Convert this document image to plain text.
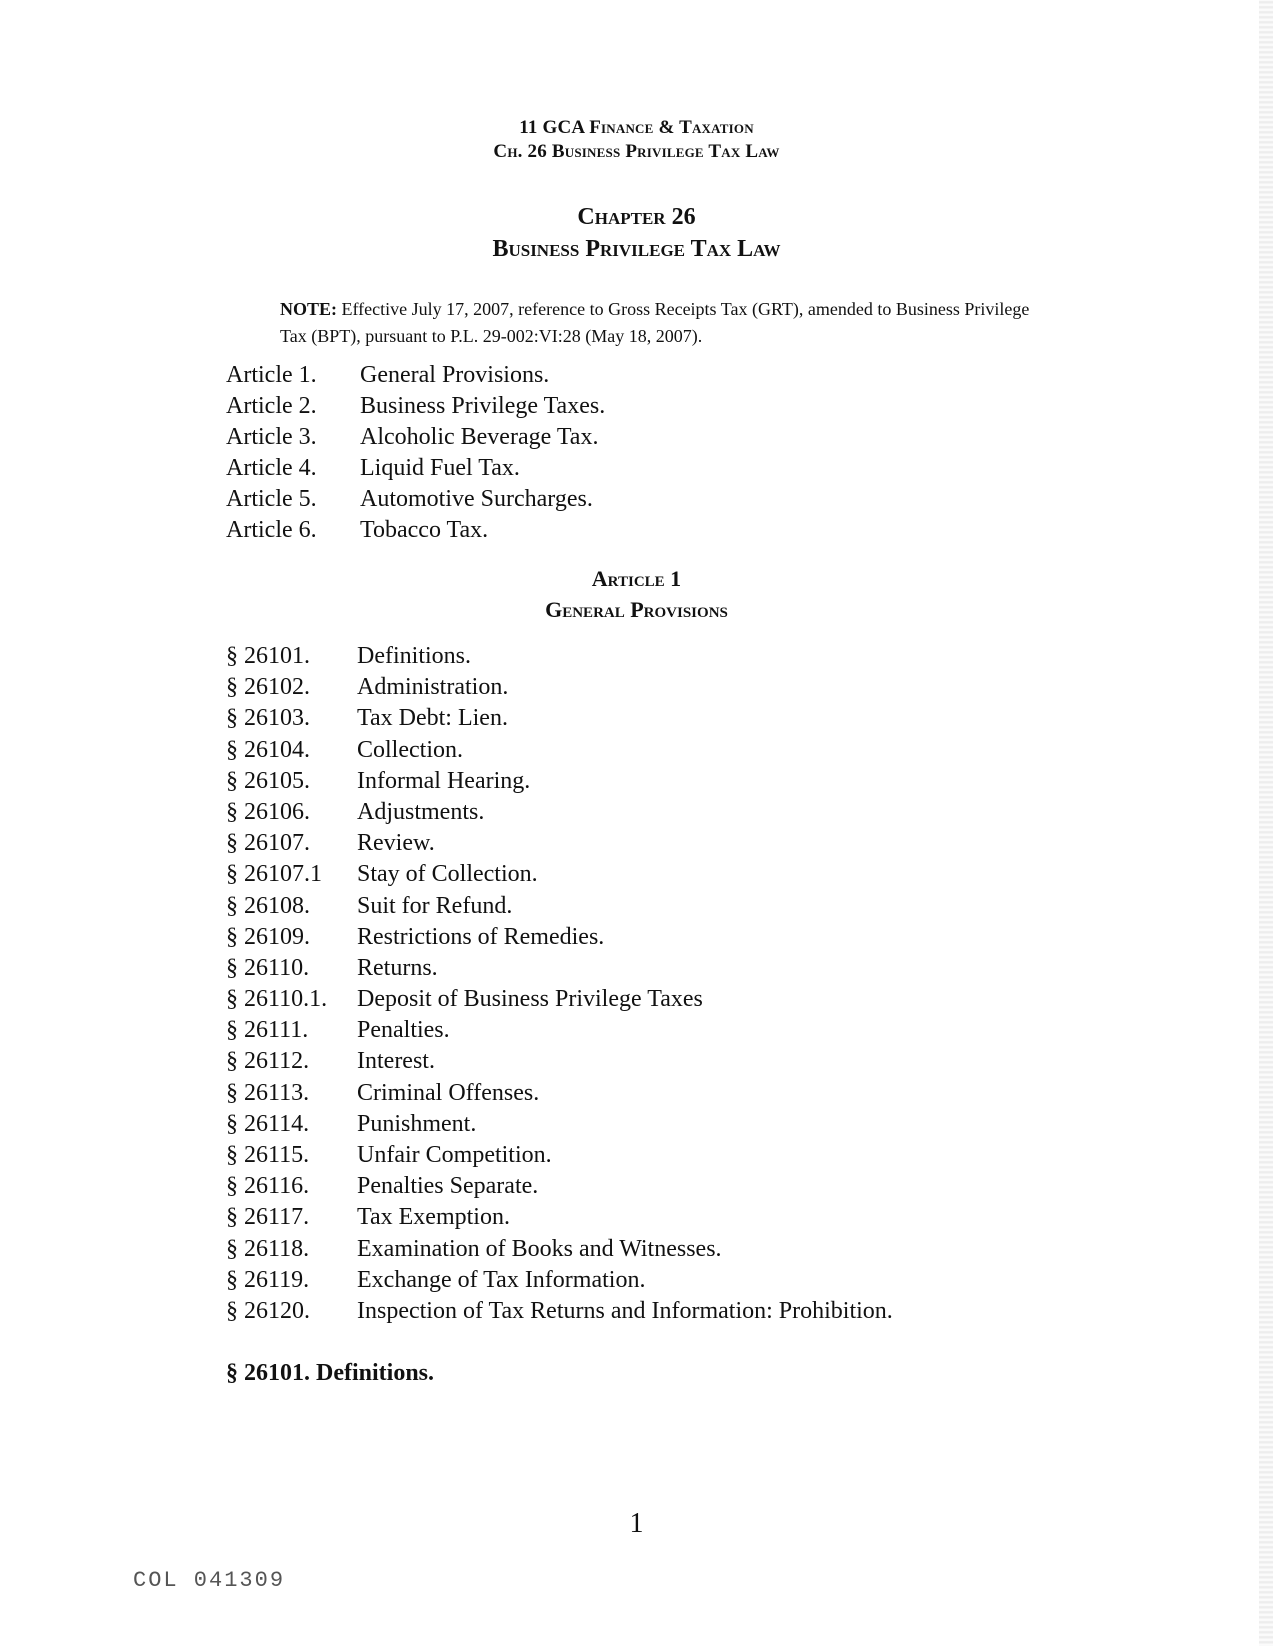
11 GCA Finance & Taxation
Ch. 26 Business Privilege Tax Law
Chapter 26
Business Privilege Tax Law
NOTE: Effective July 17, 2007, reference to Gross Receipts Tax (GRT), amended to Business Privilege Tax (BPT), pursuant to P.L. 29-002:VI:28 (May 18, 2007).
Article 1. General Provisions.
Article 2. Business Privilege Taxes.
Article 3. Alcoholic Beverage Tax.
Article 4. Liquid Fuel Tax.
Article 5. Automotive Surcharges.
Article 6. Tobacco Tax.
Article 1
General Provisions
§ 26101. Definitions.
§ 26102. Administration.
§ 26103. Tax Debt: Lien.
§ 26104. Collection.
§ 26105. Informal Hearing.
§ 26106. Adjustments.
§ 26107. Review.
§ 26107.1 Stay of Collection.
§ 26108. Suit for Refund.
§ 26109. Restrictions of Remedies.
§ 26110. Returns.
§ 26110.1. Deposit of Business Privilege Taxes
§ 26111. Penalties.
§ 26112. Interest.
§ 26113. Criminal Offenses.
§ 26114. Punishment.
§ 26115. Unfair Competition.
§ 26116. Penalties Separate.
§ 26117. Tax Exemption.
§ 26118. Examination of Books and Witnesses.
§ 26119. Exchange of Tax Information.
§ 26120. Inspection of Tax Returns and Information: Prohibition.
§ 26101. Definitions.
1
COL 041309
